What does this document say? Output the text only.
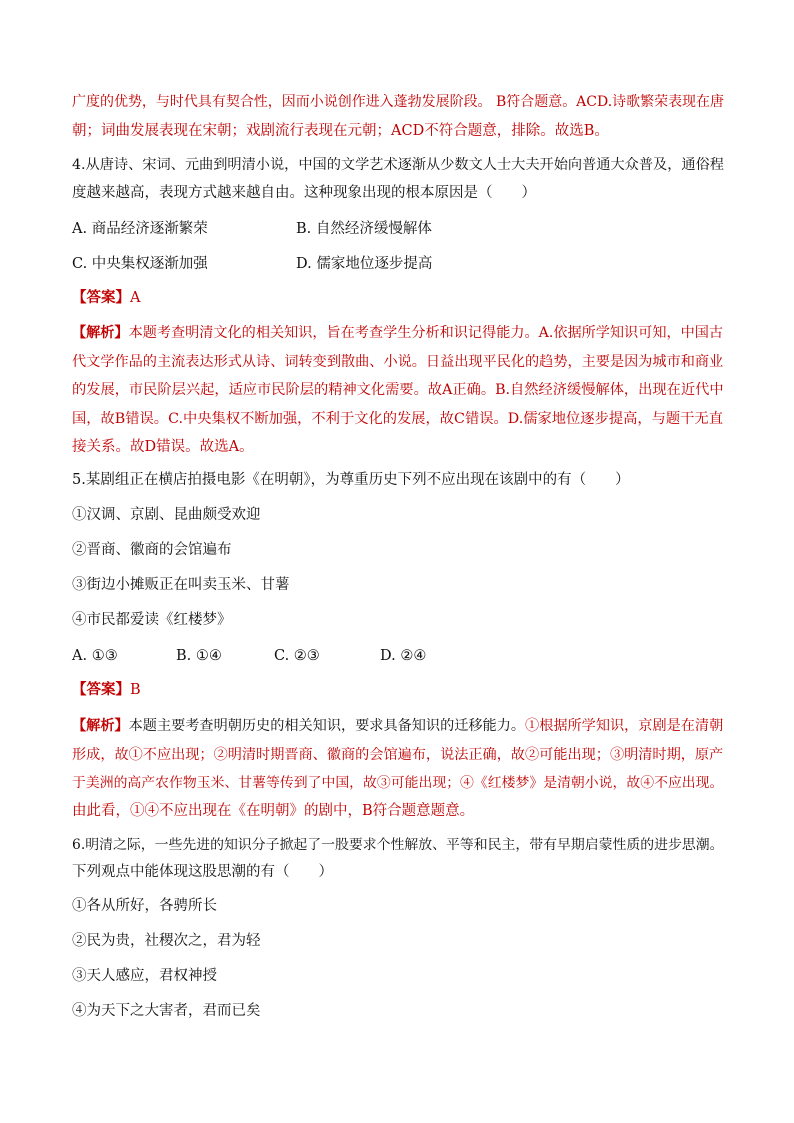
广度的优势，与时代具有契合性，因而小说创作进入蓬勃发展阶段。 B符合题意。ACD.诗歌繁荣表现在唐
朝；词曲发展表现在宋朝；戏剧流行表现在元朝；ACD不符合题意，排除。故选B。
4.从唐诗、宋词、元曲到明清小说，中国的文学艺术逐渐从少数文人士大夫开始向普通大众普及，通俗程
度越来越高，表现方式越来越自由。这种现象出现的根本原因是（　　）
A. 商品经济逐渐繁荣	B. 自然经济缓慢解体
C. 中央集权逐渐加强	D. 儒家地位逐步提高
【答案】A
【解析】本题考查明清文化的相关知识，旨在考查学生分析和识记得能力。A.依据所学知识可知，中国古
代文学作品的主流表达形式从诗、词转变到散曲、小说。日益出现平民化的趋势，主要是因为城市和商业
的发展，市民阶层兴起，适应市民阶层的精神文化需要。故A正确。B.自然经济缓慢解体，出现在近代中
国，故B错误。C.中央集权不断加强，不利于文化的发展，故C错误。D.儒家地位逐步提高，与题干无直
接关系。故D错误。故选A。
5.某剧组正在横店拍摄电影《在明朝》，为尊重历史下列不应出现在该剧中的有（　　）
①汉调、京剧、昆曲颇受欢迎
②晋商、徽商的会馆遍布
③街边小摊贩正在叫卖玉米、甘薯
④市民都爱读《红楼梦》
A. ①③	B. ①④	C. ②③	D. ②④
【答案】B
【解析】本题主要考查明朝历史的相关知识，要求具备知识的迁移能力。①根据所学知识，京剧是在清朝
形成，故①不应出现；②明清时期晋商、徽商的会馆遍布，说法正确，故②可能出现；③明清时期，原产
于美洲的高产农作物玉米、甘薯等传到了中国，故③可能出现；④《红楼梦》是清朝小说，故④不应出现。
由此看，①④不应出现在《在明朝》的剧中，B符合题意题意。
6.明清之际，一些先进的知识分子掀起了一股要求个性解放、平等和民主，带有早期启蒙性质的进步思潮。
下列观点中能体现这股思潮的有（　　）
①各从所好，各骋所长
②民为贵，社稷次之，君为轻
③天人感应，君权神授
④为天下之大害者，君而已矣
